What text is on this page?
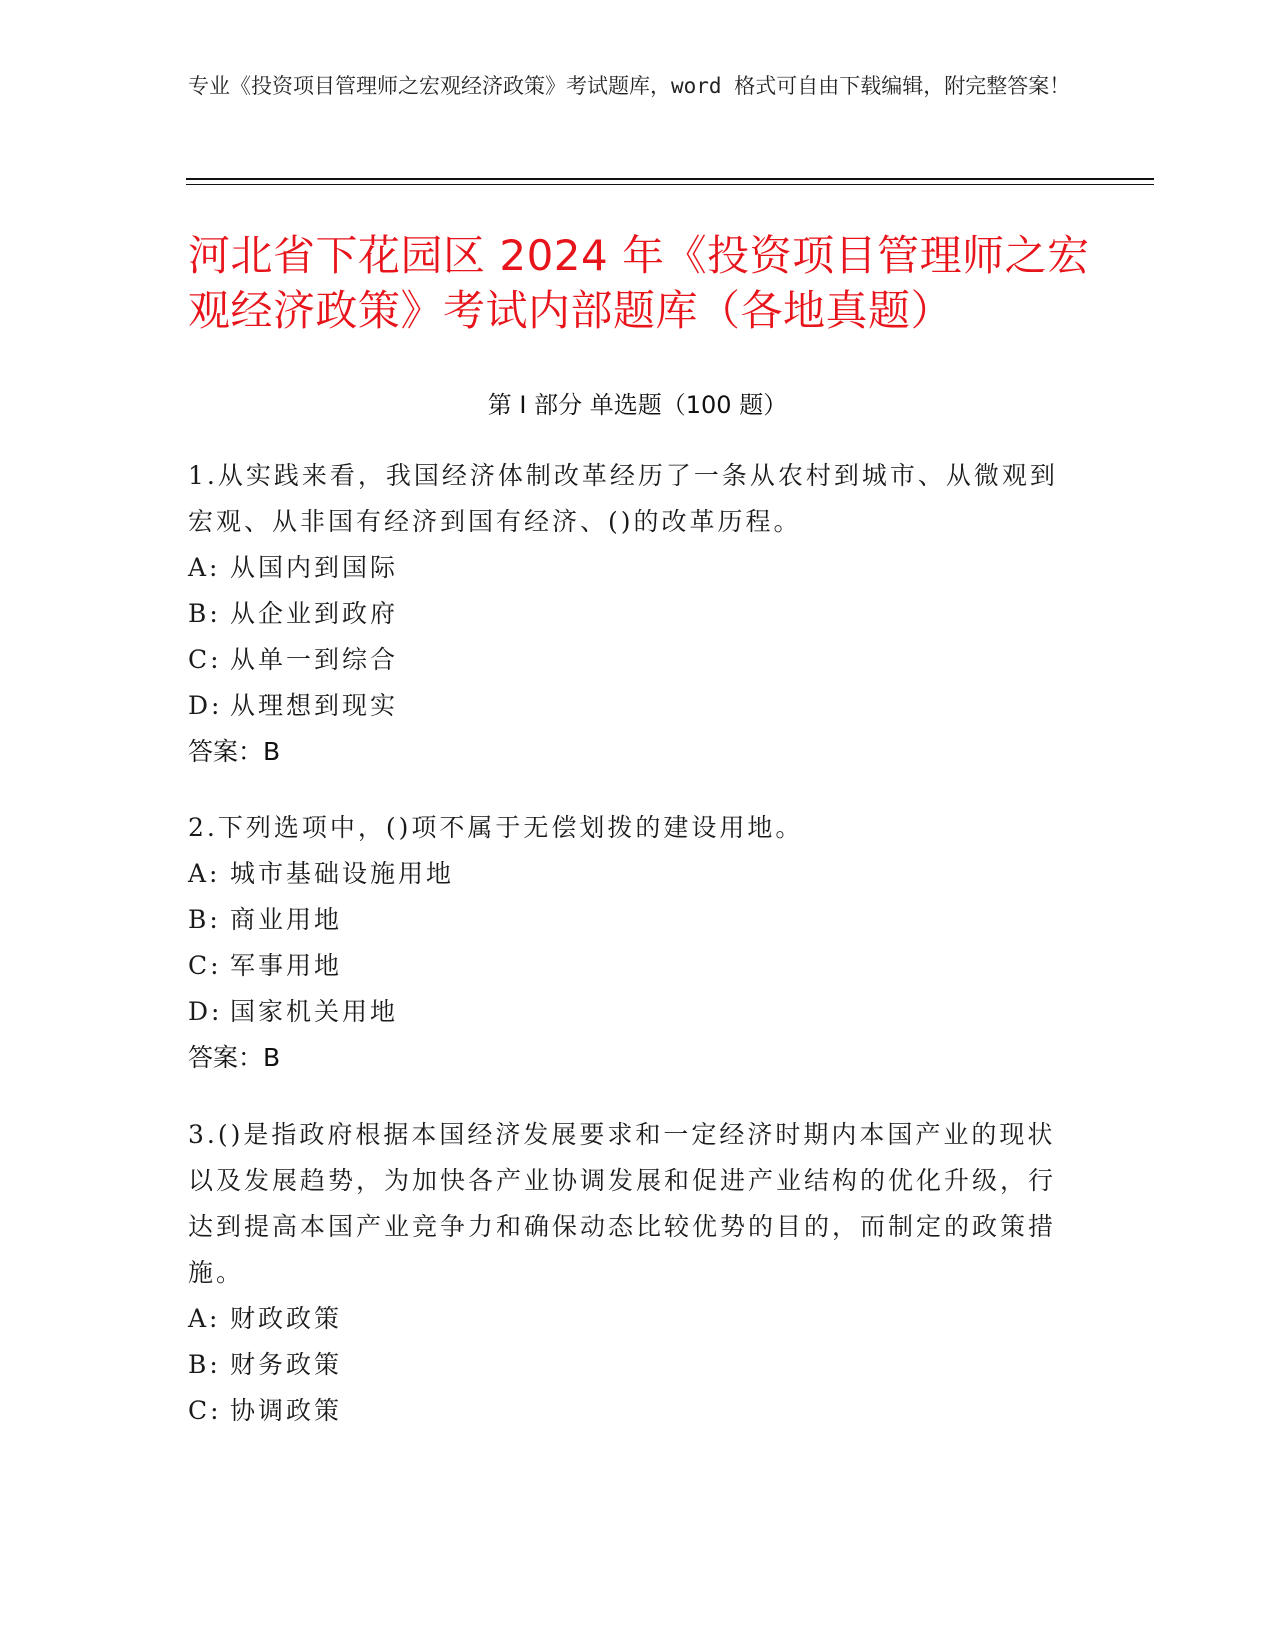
专业《投资项目管理师之宏观经济政策》考试题库，word 格式可自由下载编辑，附完整答案！
河北省下花园区 2024 年《投资项目管理师之宏观经济政策》考试内部题库（各地真题）
第 I 部分 单选题（100 题）
1.从实践来看，我国经济体制改革经历了一条从农村到城市、从微观到宏观、从非国有经济到国有经济、()的改革历程。
A: 从国内到国际
B: 从企业到政府
C: 从单一到综合
D: 从理想到现实
答案：B
2.下列选项中，()项不属于无偿划拨的建设用地。
A: 城市基础设施用地
B: 商业用地
C: 军事用地
D: 国家机关用地
答案：B
3.()是指政府根据本国经济发展要求和一定经济时期内本国产业的现状以及发展趋势，为加快各产业协调发展和促进产业结构的优化升级，行达到提高本国产业竞争力和确保动态比较优势的目的，而制定的政策措施。
A: 财政政策
B: 财务政策
C: 协调政策
